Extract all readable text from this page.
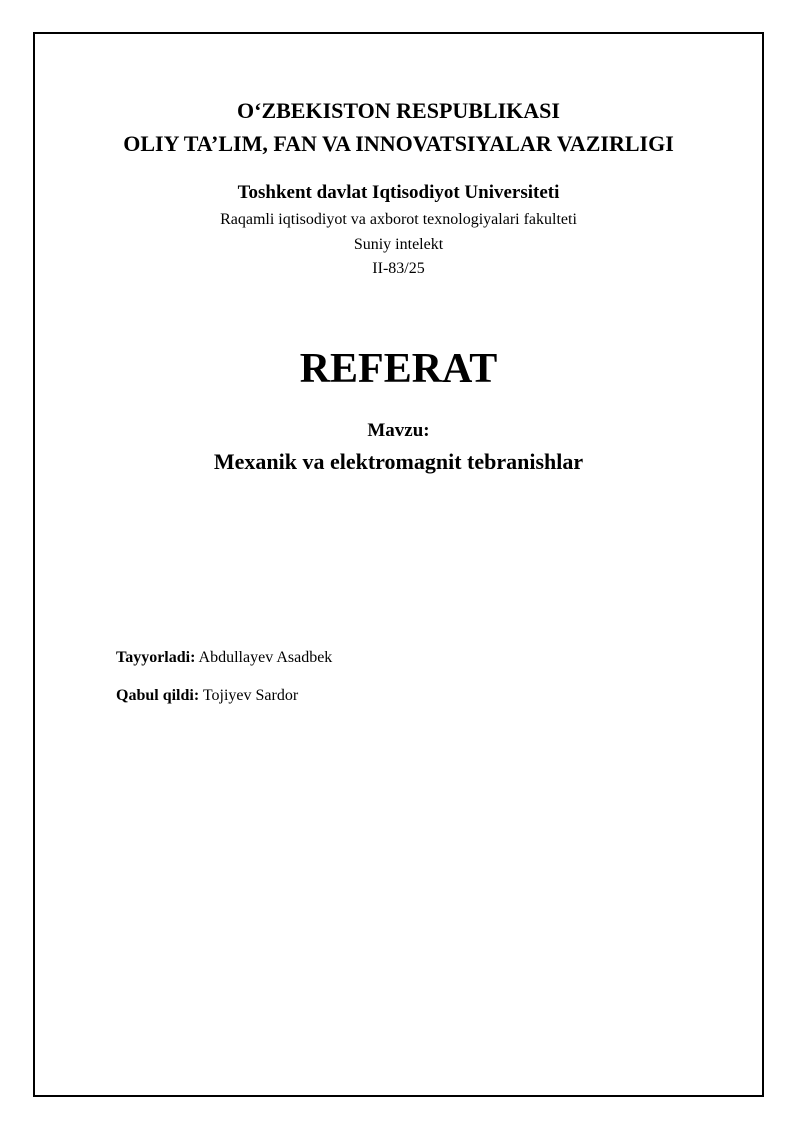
O‘ZBEKISTON RESPUBLIKASI
OLIY TA’LIM, FAN VA INNOVATSIYALAR VAZIRLIGI
Toshkent davlat Iqtisodiyot Universiteti
Raqamli iqtisodiyot va axborot texnologiyalari fakulteti
Suniy intelekt
II-83/25
REFERAT
Mavzu:
Mexanik va elektromagnit tebranishlar
Tayyorladi: Abdullayev Asadbek
Qabul qildi: Tojiyev Sardor
